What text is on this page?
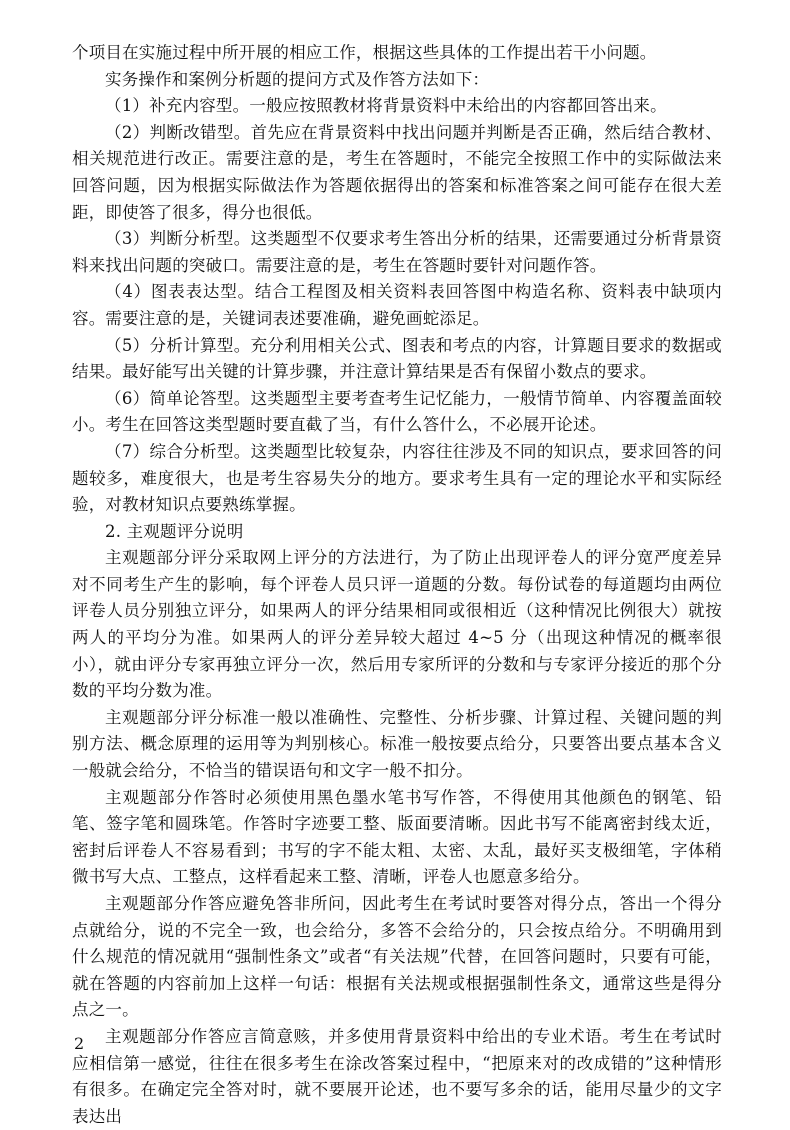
个项目在实施过程中所开展的相应工作，根据这些具体的工作提出若干小问题。

实务操作和案例分析题的提问方式及作答方法如下：

（1）补充内容型。一般应按照教材将背景资料中未给出的内容都回答出来。

（2）判断改错型。首先应在背景资料中找出问题并判断是否正确，然后结合教材、相关规范进行改正。需要注意的是，考生在答题时，不能完全按照工作中的实际做法来回答问题，因为根据实际做法作为答题依据得出的答案和标准答案之间可能存在很大差距，即使答了很多，得分也很低。

（3）判断分析型。这类题型不仅要求考生答出分析的结果，还需要通过分析背景资料来找出问题的突破口。需要注意的是，考生在答题时要针对问题作答。

（4）图表表达型。结合工程图及相关资料表回答图中构造名称、资料表中缺项内容。需要注意的是，关键词表述要准确，避免画蛇添足。

（5）分析计算型。充分利用相关公式、图表和考点的内容，计算题目要求的数据或结果。最好能写出关键的计算步骤，并注意计算结果是否有保留小数点的要求。

（6）简单论答型。这类题型主要考查考生记忆能力，一般情节简单、内容覆盖面较小。考生在回答这类型题时要直截了当，有什么答什么，不必展开论述。

（7）综合分析型。这类题型比较复杂，内容往往涉及不同的知识点，要求回答的问题较多，难度很大，也是考生容易失分的地方。要求考生具有一定的理论水平和实际经验，对教材知识点要熟练掌握。

2. 主观题评分说明

主观题部分评分采取网上评分的方法进行，为了防止出现评卷人的评分宽严度差异对不同考生产生的影响，每个评卷人员只评一道题的分数。每份试卷的每道题均由两位评卷人员分别独立评分，如果两人的评分结果相同或很相近（这种情况比例很大）就按两人的平均分为准。如果两人的评分差异较大超过 4~5 分（出现这种情况的概率很小），就由评分专家再独立评分一次，然后用专家所评的分数和与专家评分接近的那个分数的平均分数为准。

主观题部分评分标准一般以准确性、完整性、分析步骤、计算过程、关键问题的判别方法、概念原理的运用等为判别核心。标准一般按要点给分，只要答出要点基本含义一般就会给分，不恰当的错误语句和文字一般不扣分。

主观题部分作答时必须使用黑色墨水笔书写作答，不得使用其他颜色的钢笔、铅笔、签字笔和圆珠笔。作答时字迹要工整、版面要清晰。因此书写不能离密封线太近，密封后评卷人不容易看到；书写的字不能太粗、太密、太乱，最好买支极细笔，字体稍微书写大点、工整点，这样看起来工整、清晰，评卷人也愿意多给分。

主观题部分作答应避免答非所问，因此考生在考试时要答对得分点，答出一个得分点就给分，说的不完全一致，也会给分，多答不会给分的，只会按点给分。不明确用到什么规范的情况就用“强制性条文”或者“有关法规”代替，在回答问题时，只要有可能，就在答题的内容前加上这样一句话：根据有关法规或根据强制性条文，通常这些是得分点之一。

主观题部分作答应言简意赅，并多使用背景资料中给出的专业术语。考生在考试时应相信第一感觉，往往在很多考生在涂改答案过程中，“把原来对的改成错的”这种情形有很多。在确定完全答对时，就不要展开论述，也不要写多余的话，能用尽量少的文字表达出

2
